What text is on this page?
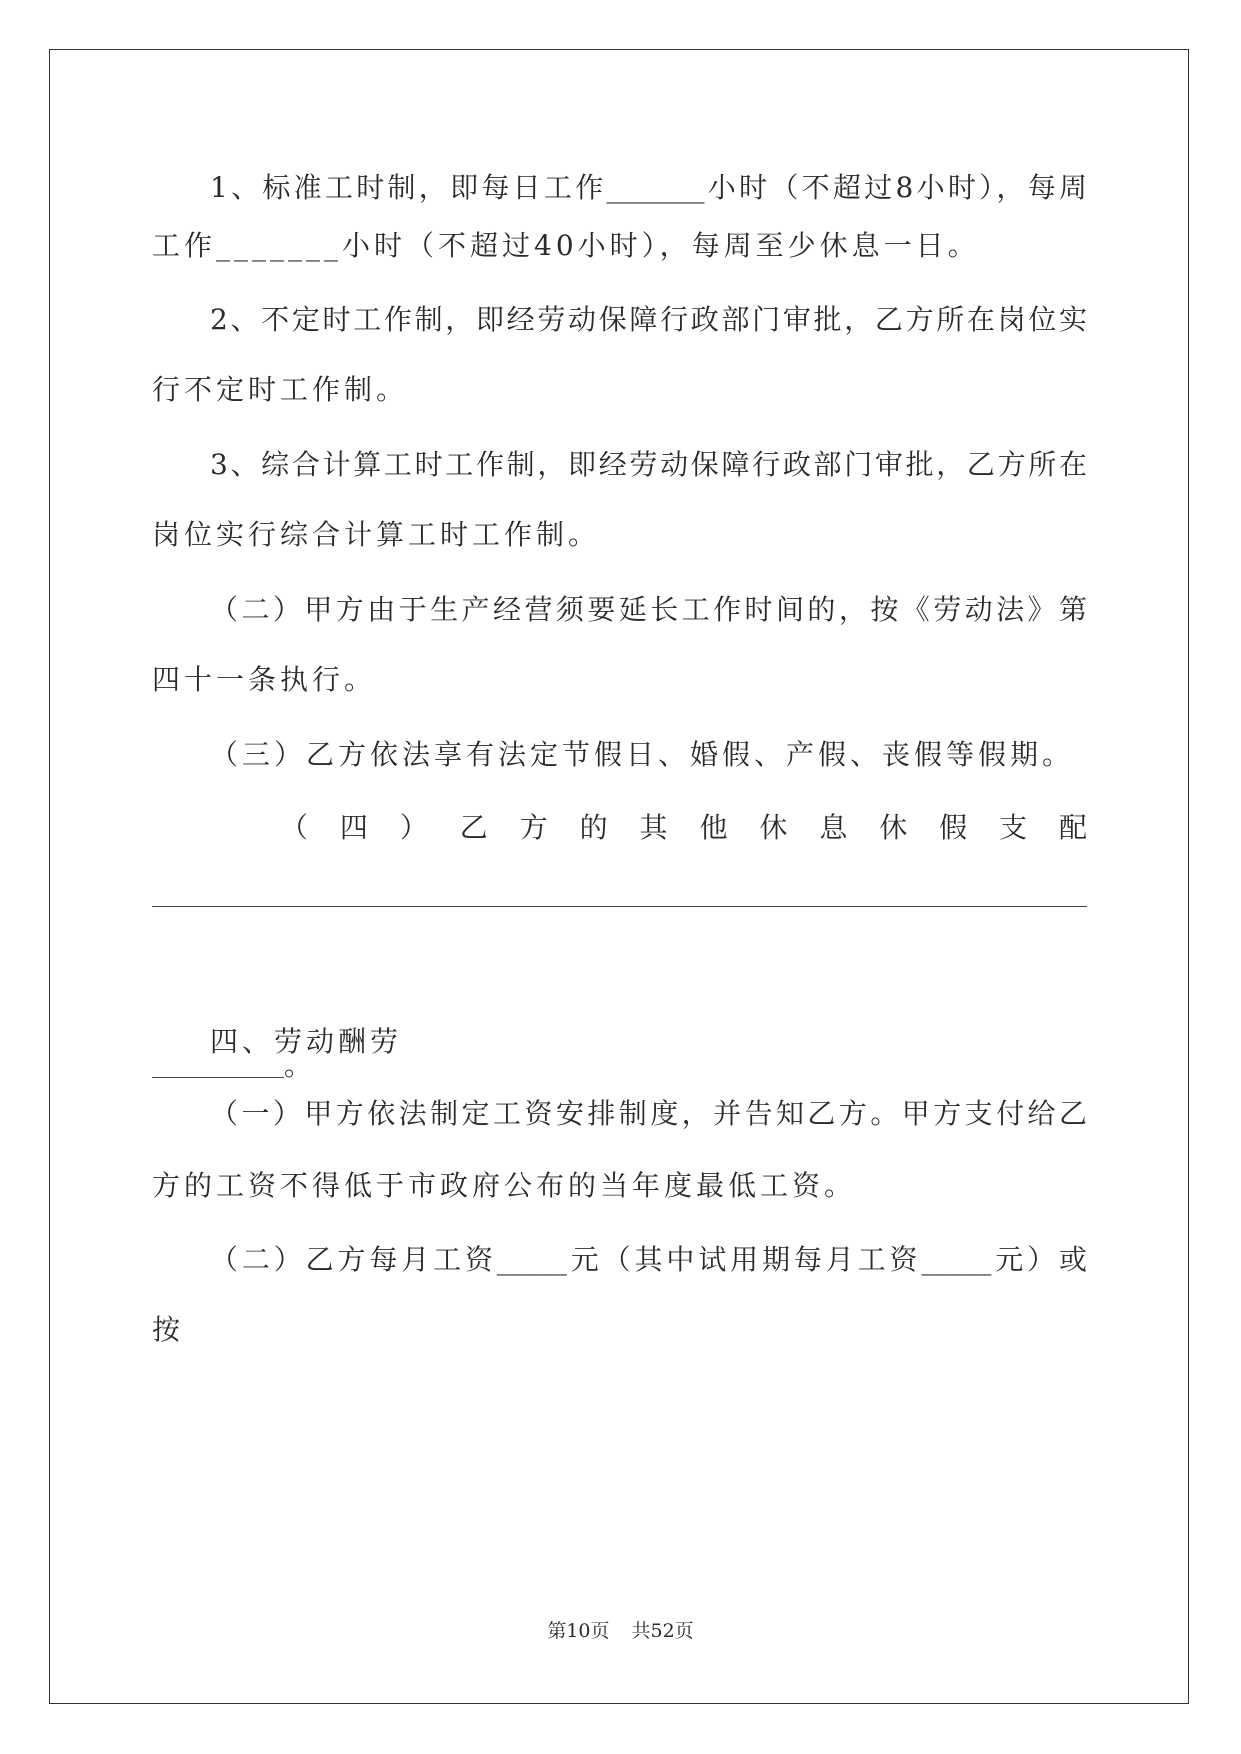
1、标准工时制，即每日工作_______小时（不超过8小时），每周
工作_______小时（不超过40小时），每周至少休息一日。
2、不定时工作制，即经劳动保障行政部门审批，乙方所在岗位实
行不定时工作制。
3、综合计算工时工作制，即经劳动保障行政部门审批，乙方所在
岗位实行综合计算工时工作制。
（二）甲方由于生产经营须要延长工作时间的，按《劳动法》第
四十一条执行。
（三）乙方依法享有法定节假日、婚假、产假、丧假等假期。
（ 四 ） 乙 方 的 其 他 休 息 休 假 支 配
。
四、劳动酬劳
（一）甲方依法制定工资安排制度，并告知乙方。甲方支付给乙
方的工资不得低于市政府公布的当年度最低工资。
（二）乙方每月工资_____元（其中试用期每月工资_____元）或
按
第10页 共52页
